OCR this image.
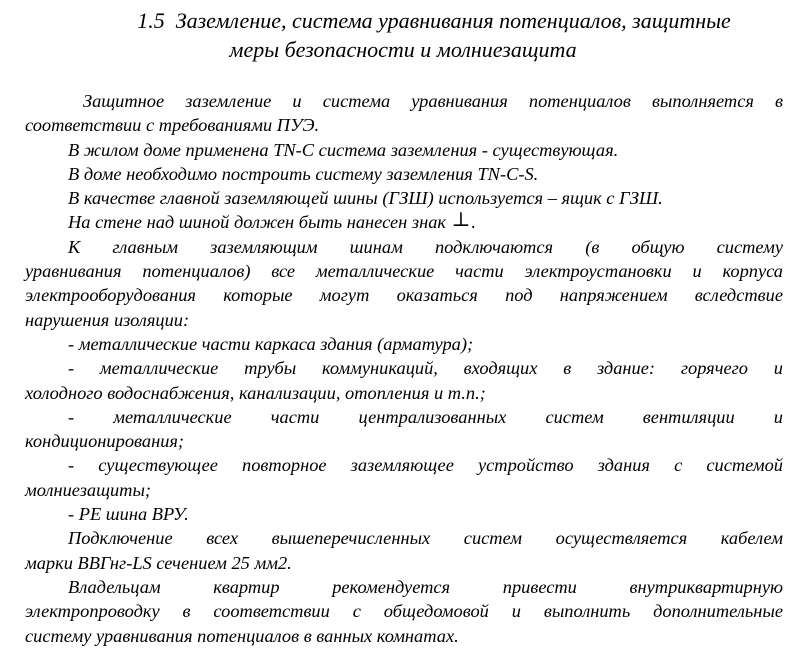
1.5 Заземление, система уравнивания потенциалов, защитные
меры безопасности и молниезащита
Защитное заземление и система уравнивания потенциалов выполняется в
соответствии с требованиями ПУЭ.
В жилом доме применена TN-C система заземления - существующая.
В доме необходимо построить систему заземления TN-C-S.
В качестве главной заземляющей шины (ГЗШ) используется – ящик с ГЗШ.
На стене над шиной должен быть нанесен знак ⊥.
К главным заземляющим шинам подключаются (в общую систему
уравнивания потенциалов) все металлические части электроустановки и корпуса
электрооборудования которые могут оказаться под напряжением вследствие
нарушения изоляции:
- металлические части каркаса здания (арматура);
- металлические трубы коммуникаций, входящих в здание: горячего и
холодного водоснабжения, канализации, отопления и т.п.;
- металлические части централизованных систем вентиляции и
кондиционирования;
- существующее повторное заземляющее устройство здания с системой
молниезащиты;
- PE шина ВРУ.
Подключение всех вышеперечисленных систем осуществляется кабелем
марки ВВГнг-LS сечением 25 мм2.
Владельцам квартир рекомендуется привести внутриквартирную
электропроводку в соответствии с общедомовой и выполнить дополнительные
систему уравнивания потенциалов в ванных комнатах.
